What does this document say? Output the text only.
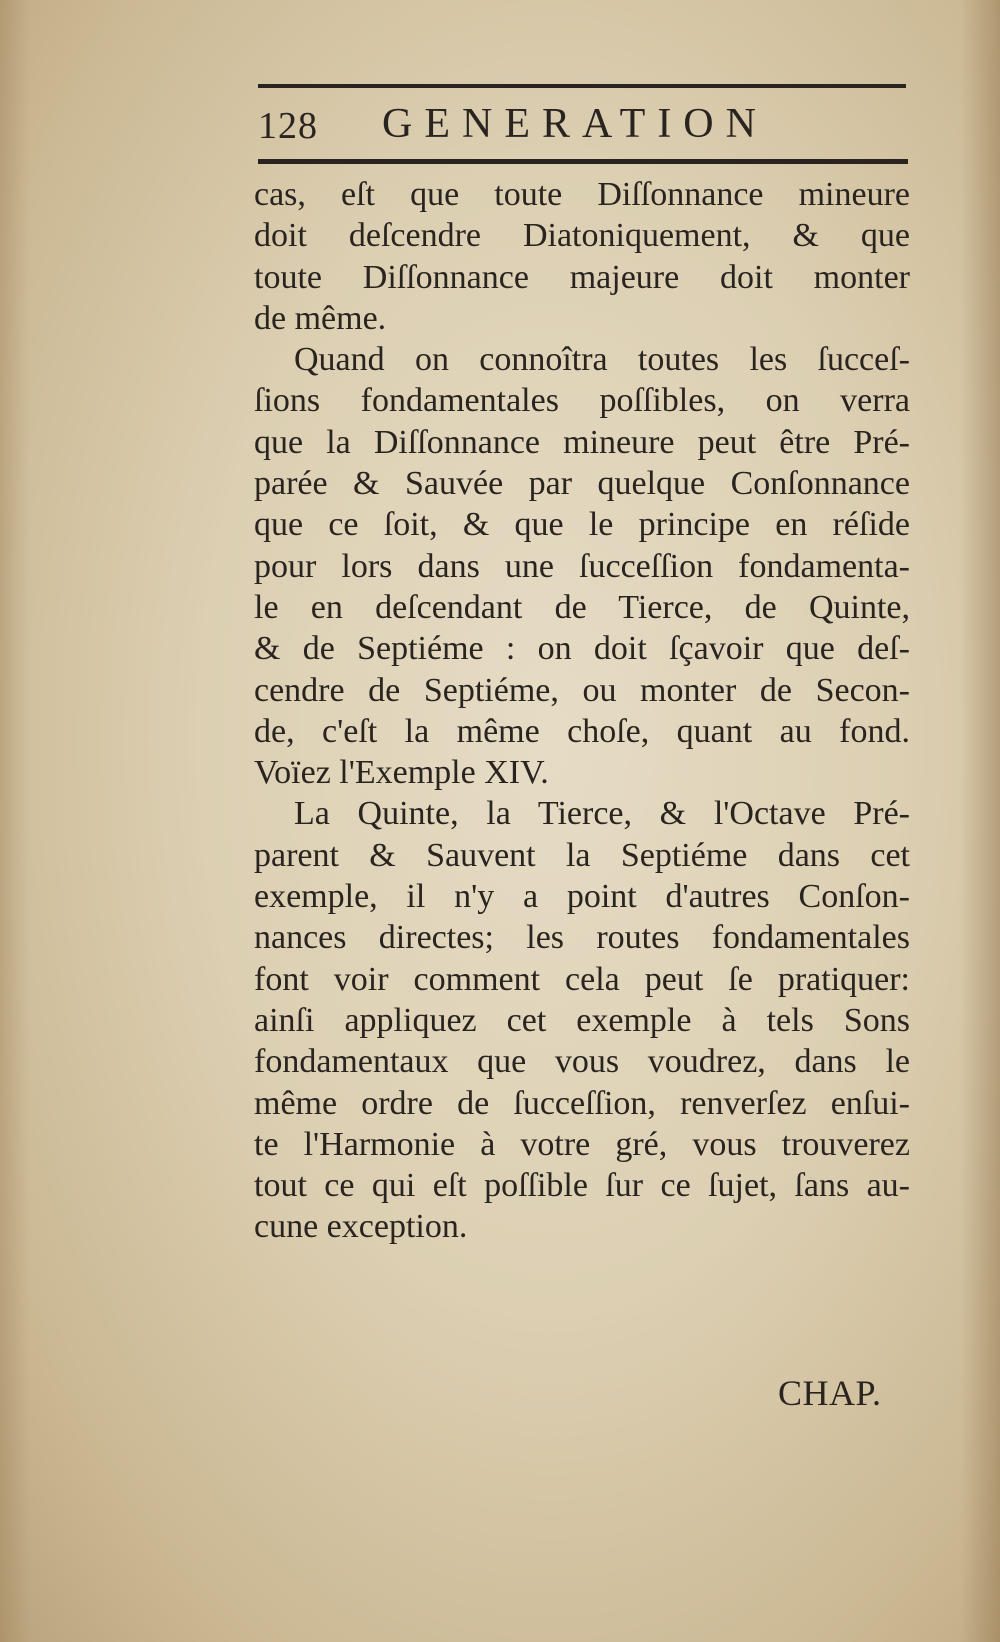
128 GENERATION
cas, eſt que toute Diſſonnance mineure
doit deſcendre Diatoniquement, & que
toute Diſſonnance majeure doit monter
de même.
Quand on connoîtra toutes les ſucceſ-
ſions fondamentales poſſibles, on verra
que la Diſſonnance mineure peut être Pré-
parée & Sauvée par quelque Conſonnance
que ce ſoit, & que le principe en réſide
pour lors dans une ſucceſſion fondamenta-
le en deſcendant de Tierce, de Quinte,
& de Septiéme : on doit ſçavoir que deſ-
cendre de Septiéme, ou monter de Secon-
de, c'eſt la même choſe, quant au fond.
Voïez l'Exemple XIV.
La Quinte, la Tierce, & l'Octave Pré-
parent & Sauvent la Septiéme dans cet
exemple, il n'y a point d'autres Conſon-
nances directes; les routes fondamentales
font voir comment cela peut ſe pratiquer:
ainſi appliquez cet exemple à tels Sons
fondamentaux que vous voudrez, dans le
même ordre de ſucceſſion, renverſez enſui-
te l'Harmonie à votre gré, vous trouverez
tout ce qui eſt poſſible ſur ce ſujet, ſans au-
cune exception.
CHAP.
